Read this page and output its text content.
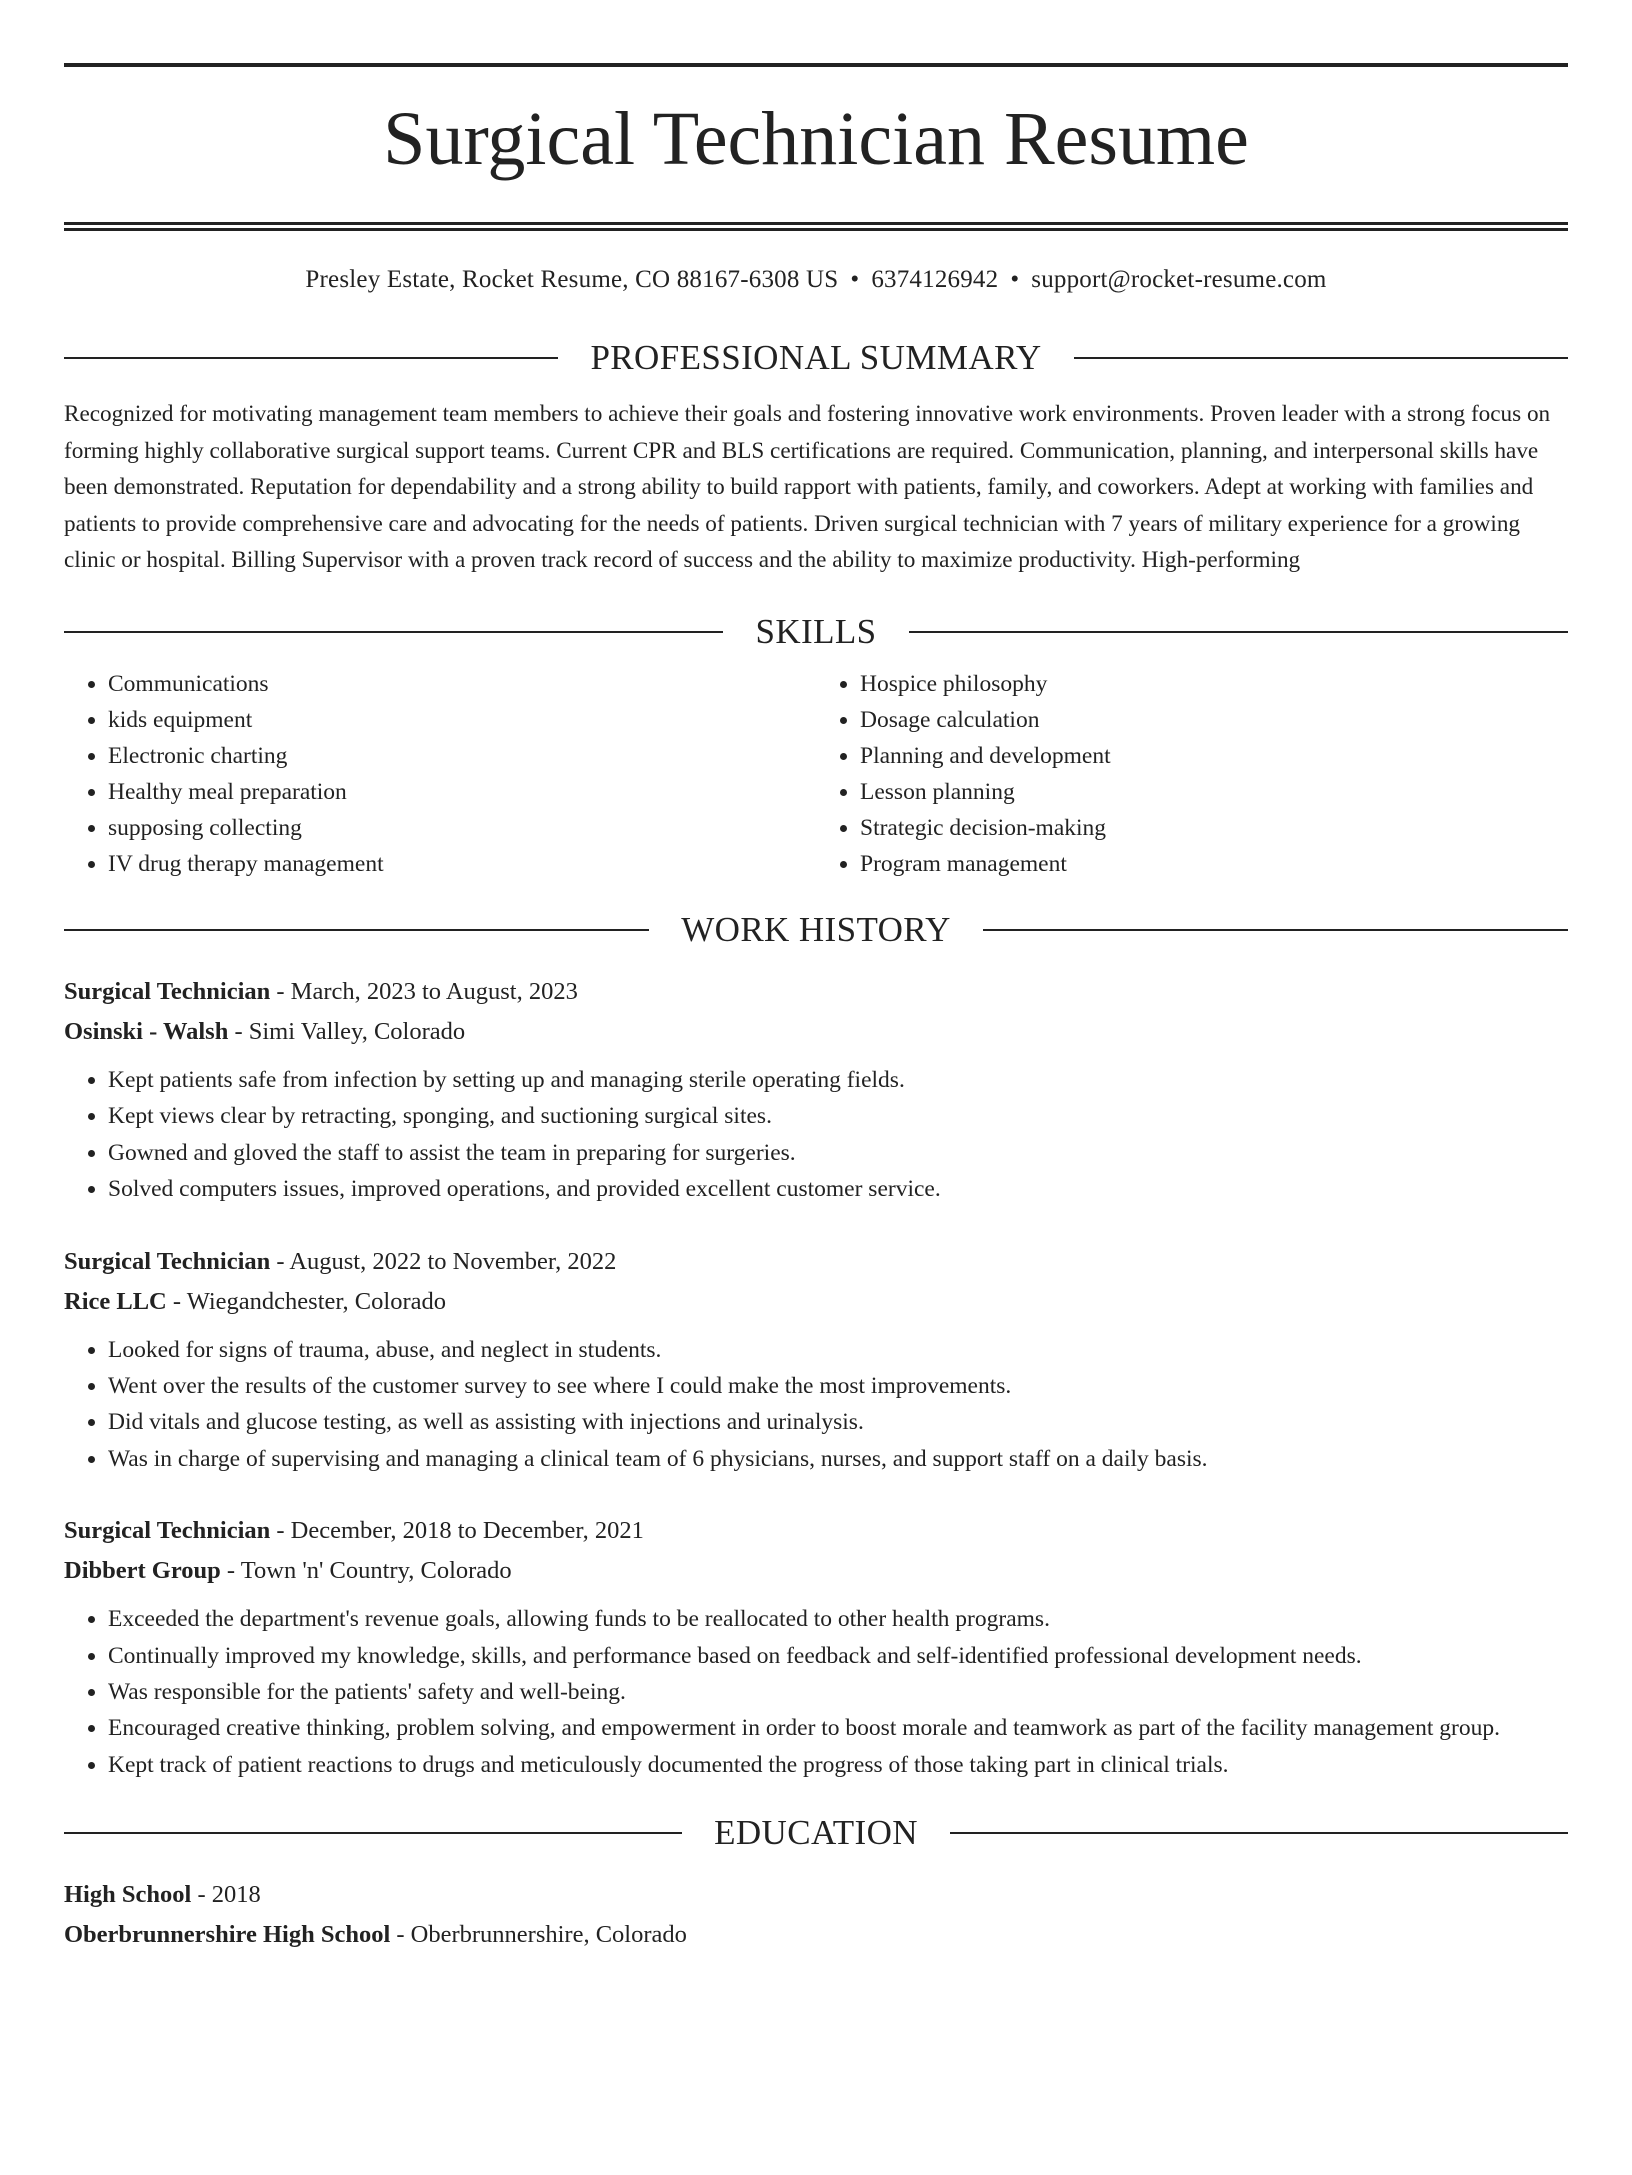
Surgical Technician Resume
Presley Estate, Rocket Resume, CO 88167-6308 US • 6374126942 • support@rocket-resume.com
PROFESSIONAL SUMMARY

Recognized for motivating management team members to achieve their goals and fostering innovative work environments. Proven leader with a strong focus on forming highly collaborative surgical support teams. Current CPR and BLS certifications are required. Communication, planning, and interpersonal skills have been demonstrated. Reputation for dependability and a strong ability to build rapport with patients, family, and coworkers. Adept at working with families and patients to provide comprehensive care and advocating for the needs of patients. Driven surgical technician with 7 years of military experience for a growing clinic or hospital. Billing Supervisor with a proven track record of success and the ability to maximize productivity. High-performing

SKILLS
• Communications
• kids equipment
• Electronic charting
• Healthy meal preparation
• supposing collecting
• IV drug therapy management
• Hospice philosophy
• Dosage calculation
• Planning and development
• Lesson planning
• Strategic decision-making
• Program management
WORK HISTORY
Surgical Technician - March, 2023 to August, 2023
Osinski - Walsh - Simi Valley, Colorado
• Kept patients safe from infection by setting up and managing sterile operating fields.
• Kept views clear by retracting, sponging, and suctioning surgical sites.
• Gowned and gloved the staff to assist the team in preparing for surgeries.
• Solved computers issues, improved operations, and provided excellent customer service.
Surgical Technician - August, 2022 to November, 2022
Rice LLC - Wiegandchester, Colorado
• Looked for signs of trauma, abuse, and neglect in students.
• Went over the results of the customer survey to see where I could make the most improvements.
• Did vitals and glucose testing, as well as assisting with injections and urinalysis.
• Was in charge of supervising and managing a clinical team of 6 physicians, nurses, and support staff on a daily basis.
Surgical Technician - December, 2018 to December, 2021
Dibbert Group - Town 'n' Country, Colorado
• Exceeded the department's revenue goals, allowing funds to be reallocated to other health programs.
• Continually improved my knowledge, skills, and performance based on feedback and self-identified professional development needs.
• Was responsible for the patients' safety and well-being.
• Encouraged creative thinking, problem solving, and empowerment in order to boost morale and teamwork as part of the facility management group.
• Kept track of patient reactions to drugs and meticulously documented the progress of those taking part in clinical trials.
EDUCATION
High School - 2018
Oberbrunnershire High School - Oberbrunnershire, Colorado
